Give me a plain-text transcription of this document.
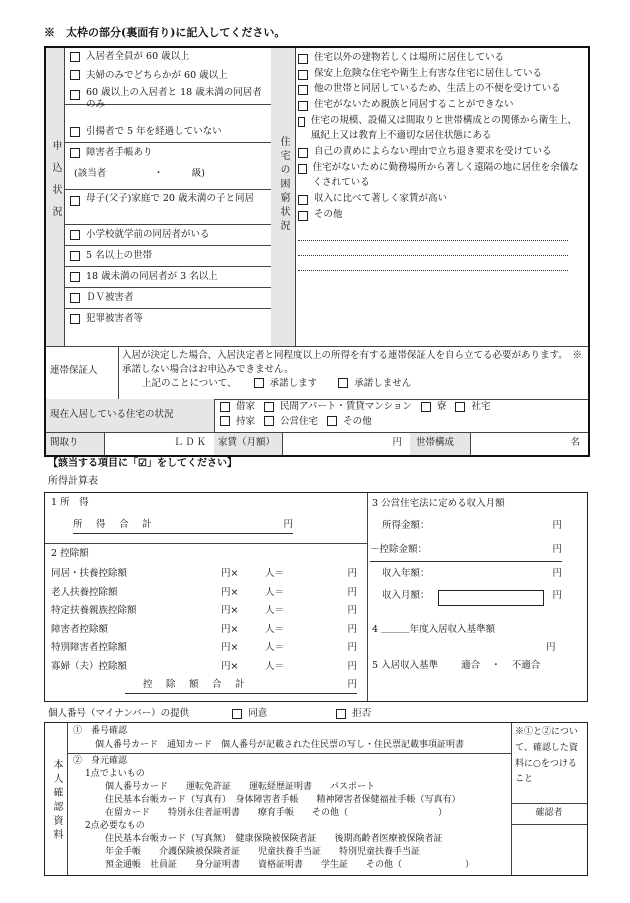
※　太枠の部分(裏面有り)に記入してください。
申込状況
入居者全員が 60 歳以上
夫婦のみでどちらかが 60 歳以上
60 歳以上の入居者と 18 歳未満の同居者のみ
引揚者で 5 年を経過していない
障害者手帳あり
(該当者　　　　　・　　　級)
母子(父子)家庭で 20 歳未満の子と同居
小学校就学前の同居者がいる
5 名以上の世帯
18 歳未満の同居者が 3 名以上
ＤＶ被害者
犯罪被害者等
住宅の困窮状況
住宅以外の建物若しくは場所に居住している
保安上危険な住宅や衛生上有害な住宅に居住している
他の世帯と同居しているため、生活上の不便を受けている
住宅がないため親族と同居することができない
住宅の規模、設備又は間取りと世帯構成との関係から衛生上、風紀上又は教育上不適切な居住状態にある
自己の責めによらない理由で立ち退き要求を受けている
住宅がないために勤務場所から著しく遠隔の地に居住を余儀なくされている
収入に比べて著しく家賃が高い
その他
連帯保証人
入居が決定した場合、入居決定者と同程度以上の所得を有する連帯保証人を自ら立てる必要があります。　※承諾しない場合はお申込みできません。
上記のことについて、	承諾します	承諾しません
現在入居している住宅の状況
借家	民間アパート・賃貸マンション	寮	社宅
持家	公営住宅	その他
間取り	ＬＤＫ	家賃（月額）	円	世帯構成	名
【該当する項目に「☑」をしてください】
所得計算表
1 所　得
所　得　合　計	円
2 控除額
同居・扶養控除額	円×	人＝	円
老人扶養控除額	円×	人＝	円
特定扶養親族控除額	円×	人＝	円
障害者控除額	円×	人＝	円
特別障害者控除額	円×	人＝	円
寡婦（夫）控除額	円×	人＝	円
控　除　額　合　計	円
3 公営住宅法に定める収入月額
所得金額：	円
－控除金額：	円
収入年額：	円
収入月額：	円
4 ＿＿＿年度入居収入基準額
円
5 入居収入基準 適合 ・ 不適合
個人番号（マイナンバー）の提供	同意	拒否
本人確認資料
①　番号確認
個人番号カード　通知カード　個人番号が記載された住民票の写し・住民票記載事項証明書
②　身元確認
1点でよいもの
個人番号カード　　運転免許証　　運転経歴証明書　　パスポート
住民基本台帳カード（写真有）　身体障害者手帳　　精神障害者保健福祉手帳（写真有）
在留カード　　特別永住者証明書　　療育手帳　　その他（　　　　　　　　　　）
2点必要なもの
住民基本台帳カード（写真無）　健康保険被保険者証　　後期高齢者医療被保険者証
年金手帳　　介護保険被保険者証　　児童扶養手当証　　特別児童扶養手当証
預金通帳　社員証　　身分証明書　　資格証明書　　学生証　　その他（　　　　　　　）
※①と②について、確認した資料に○をつけること
確認者
